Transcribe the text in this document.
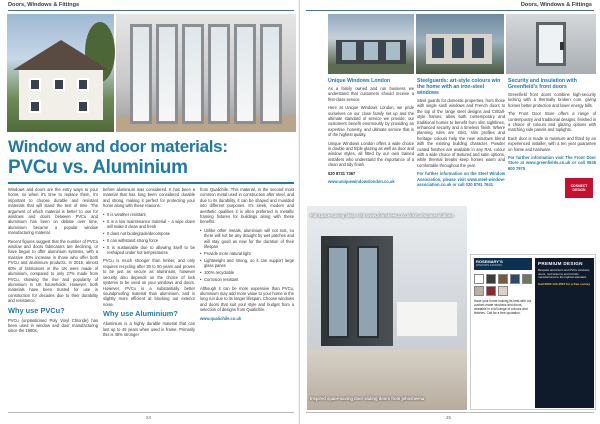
Doors, Windows & Fittings
Window and door materials:
PVCu vs. Aluminium

Windows and doors are the entry ways to your home, so when it’s time to replace them, it’s important to choose durable and resistant materials that will stand the test of time. The argument of which material is better to use for windows and doors between PVCu and aluminium has been on debate over time, aluminium became a popular window manufacturing material.

Recent figures suggest that the number of PVCu window and doors fabricators are declining, or have begun to offer aluminium systems, with a massive 40% increase in those who offer both PVCu and aluminium products. In 2015, almost 60% of fabricators in the UK were made of aluminium, compared to only 27% made from PVCu, showing the rise and popularity of aluminium in UK households. However, both materials have been trusted for use in construction for decades due to their durability and resistance.

Why use PVCu?

PVCu (unplasticised Poly Vinyl Chloride) has been used in window and door manufacturing since the 1980s,

before aluminium was considered. It has been a material that has long been considered durable and strong, making it perfect for protecting your home along with these reasons:

• It is weather resistant
• It is a low maintenance material – a wipe down will make it clean and fresh
• It does not biodegrade/decompose
• It can withstand strong force
• It is sustainable due to allowing itself to be reshaped under hot temperatures

PVCu is much stronger than timber, and only requires recycling after 30 to 50 years and proves to be just as secure as aluminium, however security also depends on the choice of lock systems to be used on your windows and doors. However, PVCu is a substantially better soundproofing material than aluminium, and is slightly more efficient at blocking out exterior noise.

Why use Aluminium?

Aluminium is a highly durable material that can last up to 45 years when used in frame. Primarily this is 45% stronger

from Qualichile. This material, in the second most common metal used in construction after steel, and due to its durability, it can be shaped and moulded into different purposes. It’s sleek, modern and aesthetic qualities it is often preferred in metallic framing fixtures for buildings along with these benefits:

• Unlike other metals, aluminium will not rust, so there will not be any draught by wet patches and will stay good as new for the duration of their lifespan
• Provide more natural light
• Lightweight and strong, so it can support large glass panes
• 100% recyclable
• Corrosion resistant

Although it can be more expensive than PVCu, aluminium may add more value to your home in the long run due to its longer lifespan. Choose windows and doors that suit your style and budget from a selection of designs from Qualichile.

www.qualichile.co.uk

24
Doors, Windows & Fittings
Unique Windows London

As a family owned and run business we understand that customers should receive a first-class service.

Here at Unique Windows London, we pride ourselves on our close family set up and the ultimate standard of service we provide, our customers benefit enormously by providing an expertise, honesty, and ultimate service that is of the highest quality.

Unique Windows London offers a wide choice in double and triple glazing as well as door and window styles, all fitted by our own trained installers who understand the importance of a clean and tidy finish.

020 8731 7367

www.uniquewindowslondon.co.uk

Steelguards: art-style colours win the home with an iron-steel windows

Steel guards for domestic properties, from those with single sash windows and French doors to the top of the range steel designs and Crittall-style frames, allow both contemporary and traditional homes to benefit from slim sightlines, enhanced security and a timeless finish. Where planning rules are strict, slim profiles and heritage colours help the new windows blend with the existing building character. Powder coated finishes are available in any RAL colour with a wide choice of textured and satin options, while thermal breaks keep homes warm and comfortable throughout the year.

For further information on the Steel Window Association, please visit www.steel-window-association.co.uk or call 020 8761 7641

Security and insulation with Greenfield’s front doors

Greenfield front doors combine high-security locking with a thermally broken core, giving homes better protection and lower energy bills.

The Front Door Store offers a range of contemporary and traditional designs, finished in a choice of colours and glazing options with matching side panels and toplights.

Each door is made to measure and fitted by an experienced installer, with a ten year guarantee on frame and hardware.

For further information visit The Front Door Store at www.greenfields.co.uk or call 0845 600 7975

CONNECT DESIGN
Full space-saving ideas visit www.johnsheena.co.uk/smartspacesolutions
Inspired space-saving door sliding doors from johnsheena
ROSEMARY’S
WINDOWS & DOORS

Have your home looking its best with our custom-made windows and doors, available in a full range of colours and finishes. Call for a free quotation.

PREMIUM DESIGN
Bespoke aluminium and PVCu windows, doors, roof lanterns and bi-folds manufactured to the highest standard.
Call 0800 123 4567 for a free survey
25
